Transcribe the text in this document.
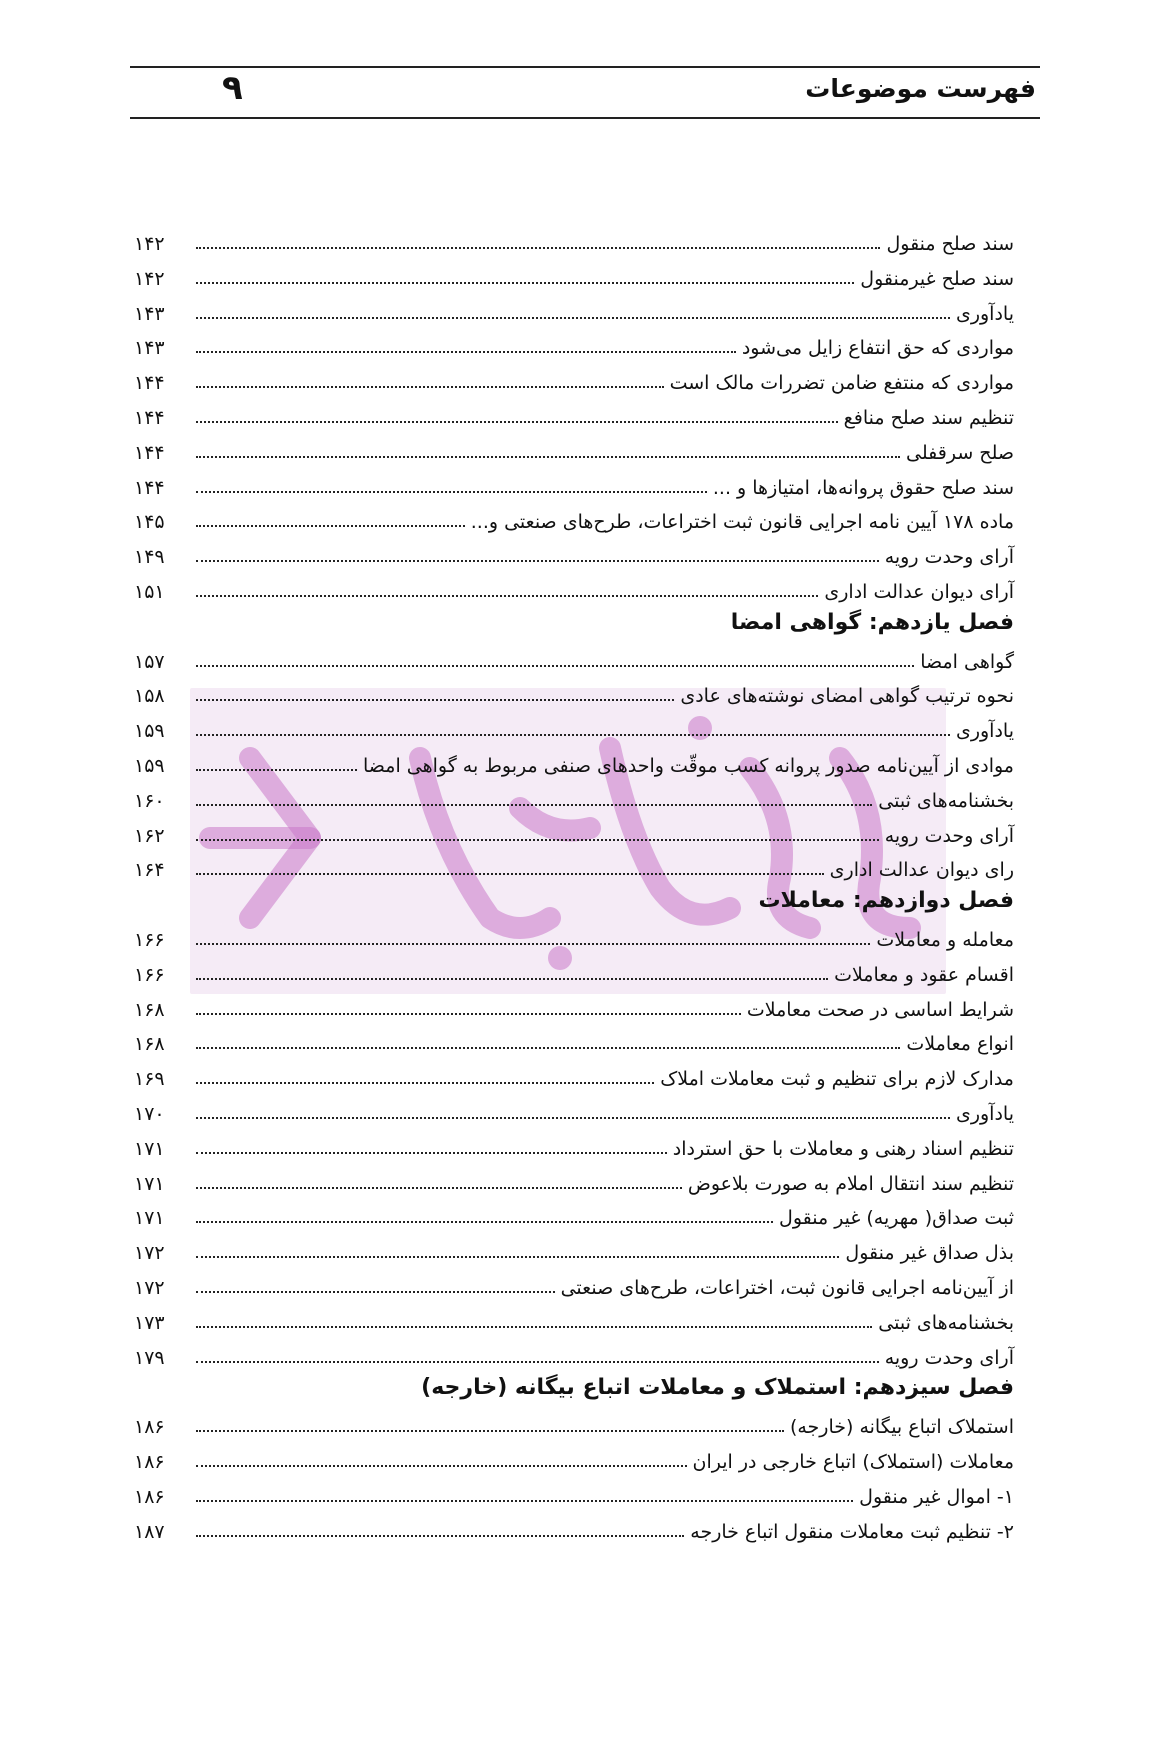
فهرست موضوعات
۹
سند صلح منقول
۱۴۲
سند صلح غیرمنقول
۱۴۲
یادآوری
۱۴۳
مواردی که حق انتفاع زایل می‌شود
۱۴۳
مواردی که منتفع ضامن تضررات مالک است
۱۴۴
تنظیم سند صلح منافع
۱۴۴
صلح سرقفلی
۱۴۴
سند صلح حقوق پروانه‌ها، امتیازها و ...
۱۴۴
ماده ۱۷۸ آیین نامه اجرایی قانون ثبت اختراعات، طرح‌های صنعتی و...
۱۴۵
آرای وحدت رویه
۱۴۹
آرای دیوان عدالت اداری
۱۵۱
فصل یازدهم: گواهی امضا
گواهی امضا
۱۵۷
نحوه ترتیب گواهی امضای نوشته‌های عادی
۱۵۸
یادآوری
۱۵۹
موادی از آیین‌نامه صدور پروانه کسب موقّت واحدهای صنفی مربوط به گواهی امضا
۱۵۹
بخشنامه‌های ثبتی
۱۶۰
آرای وحدت رویه
۱۶۲
رای دیوان عدالت اداری
۱۶۴
فصل دوازدهم: معاملات
معامله و معاملات
۱۶۶
اقسام عقود و معاملات
۱۶۶
شرایط اساسی در صحت معاملات
۱۶۸
انواع معاملات
۱۶۸
مدارک لازم برای تنظیم و ثبت معاملات املاک
۱۶۹
یادآوری
۱۷۰
تنظیم اسناد رهنی و معاملات با حق استرداد
۱۷۱
تنظیم سند انتقال املام به صورت بلاعوض
۱۷۱
ثبت صداق( مهریه) غیر منقول
۱۷۱
بذل صداق غیر منقول
۱۷۲
از آیین‌نامه اجرایی قانون ثبت، اختراعات، طرح‌های صنعتی
۱۷۲
بخشنامه‌های ثبتی
۱۷۳
آرای وحدت رویه
۱۷۹
فصل سیزدهم: استملاک و معاملات اتباع بیگانه (خارجه)
استملاک اتباع بیگانه (خارجه)
۱۸۶
معاملات (استملاک) اتباع خارجی در ایران
۱۸۶
۱- اموال غیر منقول
۱۸۶
۲- تنظیم ثبت معاملات منقول اتباع خارجه
۱۸۷
